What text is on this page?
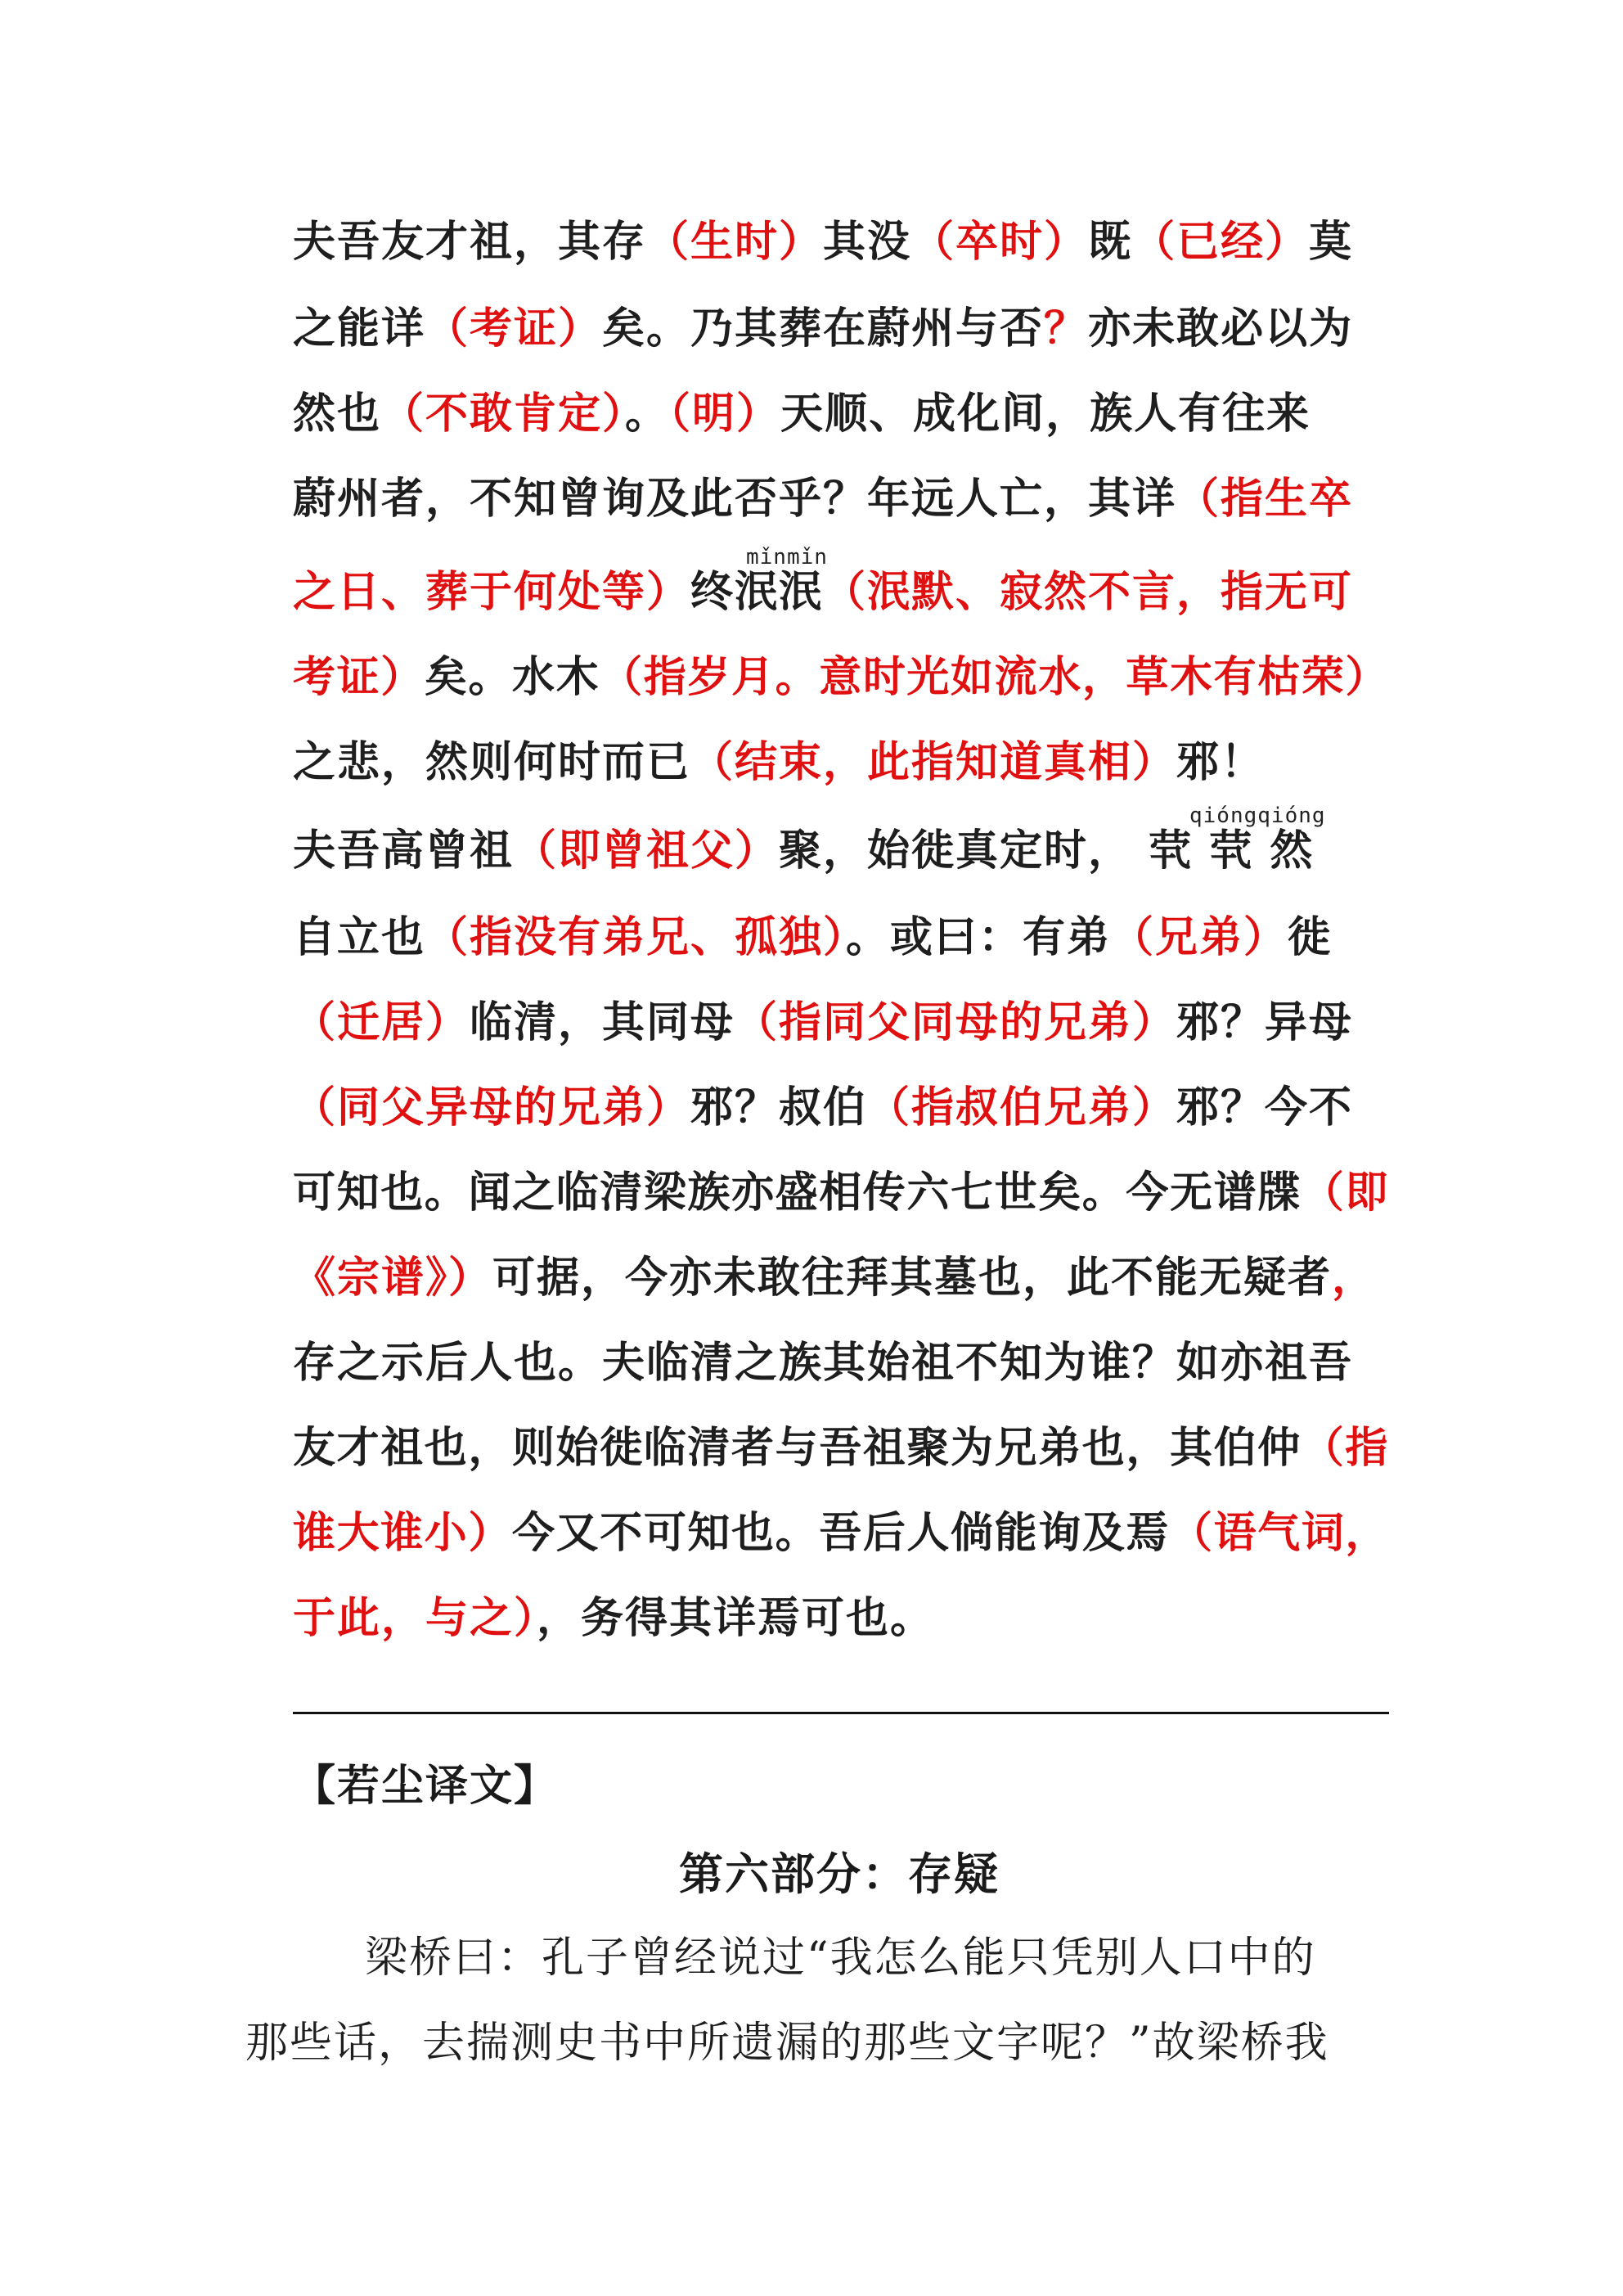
夫吾友才祖，其存（生时）其没（卒时）既（已经）莫
之能详（考证）矣。乃其葬在蔚州与否？亦未敢必以为
然也（不敢肯定）。（明）天顺、成化间，族人有往来
蔚州者，不知曾询及此否乎？年远人亡，其详（指生卒
之日、葬于何处等）终泯泯（泯默、寂然不言，指无可
考证）矣。水木（指岁月。意时光如流水，草木有枯荣）
之悲，然则何时而已（结束，此指知道真相）邪！
夫吾高曾祖（即曾祖父）聚，始徙真定时， 茕 茕 然
自立也（指没有弟兄、孤独）。或曰：有弟（兄弟）徙
（迁居）临清，其同母（指同父同母的兄弟）邪？异母
（同父异母的兄弟）邪？叔伯（指叔伯兄弟）邪？今不
可知也。闻之临清梁族亦盛相传六七世矣。今无谱牒（即
《宗谱》）可据，今亦未敢往拜其墓也，此不能无疑者，
存之示后人也。夫临清之族其始祖不知为谁？如亦祖吾
友才祖也，则始徙临清者与吾祖聚为兄弟也，其伯仲（指
谁大谁小）今又不可知也。吾后人倘能询及焉（语气词，
于此，与之），务得其详焉可也。
mǐnmǐn
qióngqióng
【若尘译文】
第六部分：存疑
梁桥曰：孔子曾经说过“我怎么能只凭别人口中的
那些话，去揣测史书中所遗漏的那些文字呢？”故梁桥我
